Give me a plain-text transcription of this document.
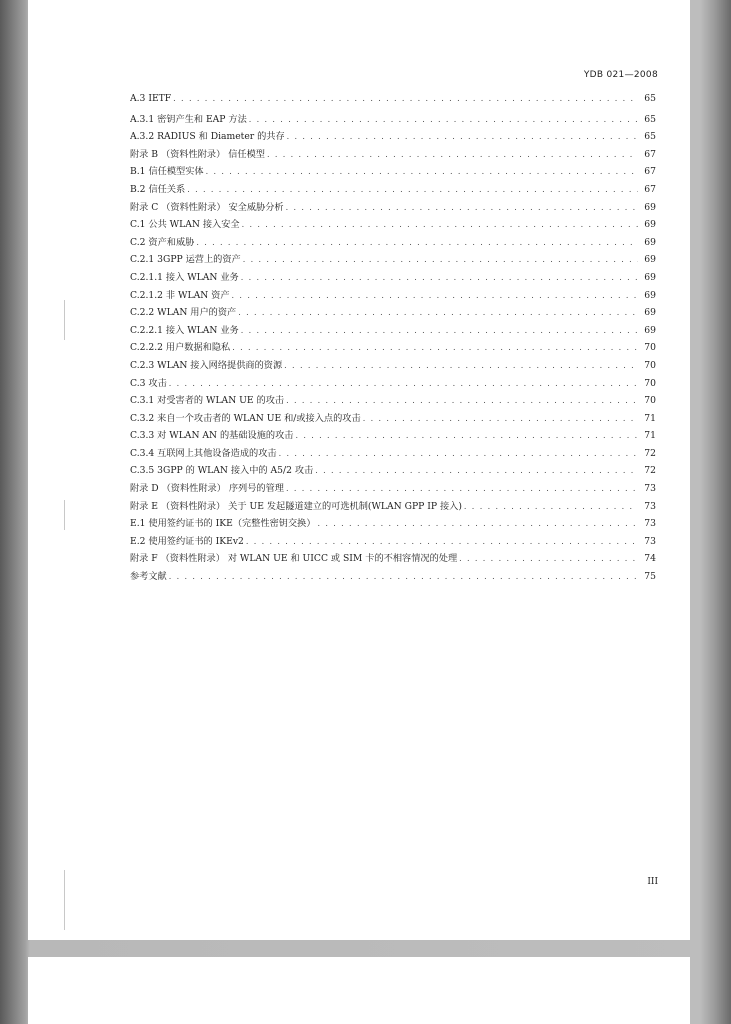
YDB 021—2008
A.3 IETF . . .	65
A.3.1 密钥产生和 EAP 方法 . . .	65
A.3.2 RADIUS 和 Diameter 的共存 . . .	65
附录 B （资料性附录） 信任模型 . . .	67
B.1 信任模型实体 . . .	67
B.2 信任关系 . . .	67
附录 C （资料性附录） 安全威胁分析 . . .	69
C.1 公共 WLAN 接入安全 . . .	69
C.2 资产和威胁 . . .	69
C.2.1 3GPP 运营上的资产 . . .	69
C.2.1.1 接入 WLAN 业务 . . .	69
C.2.1.2 非 WLAN 资产 . . .	69
C.2.2 WLAN 用户的资产 . . .	69
C.2.2.1 接入 WLAN 业务 . . .	69
C.2.2.2 用户数据和隐私 . . .	70
C.2.3 WLAN 接入网络提供商的资源 . . .	70
C.3 攻击 . . .	70
C.3.1 对受害者的 WLAN UE 的攻击 . . .	70
C.3.2 来自一个攻击者的 WLAN UE 和/或接入点的攻击 . . .	71
C.3.3 对 WLAN AN 的基础设施的攻击 . . .	71
C.3.4 互联网上其他设备造成的攻击 . . .	72
C.3.5 3GPP 的 WLAN 接入中的 A5/2 攻击 . . .	72
附录 D （资料性附录） 序列号的管理 . . .	73
附录 E （资料性附录） 关于 UE 发起隧道建立的可选机制(WLAN GPP IP 接入) . . .	73
E.1 使用签约证书的 IKE（完整性密钥交换） . . .	73
E.2 使用签约证书的 IKEv2 . . .	73
附录 F （资料性附录） 对 WLAN UE 和 UICC 或 SIM 卡的不相容情况的处理 . . .	74
参考文献 . . .	75
III
